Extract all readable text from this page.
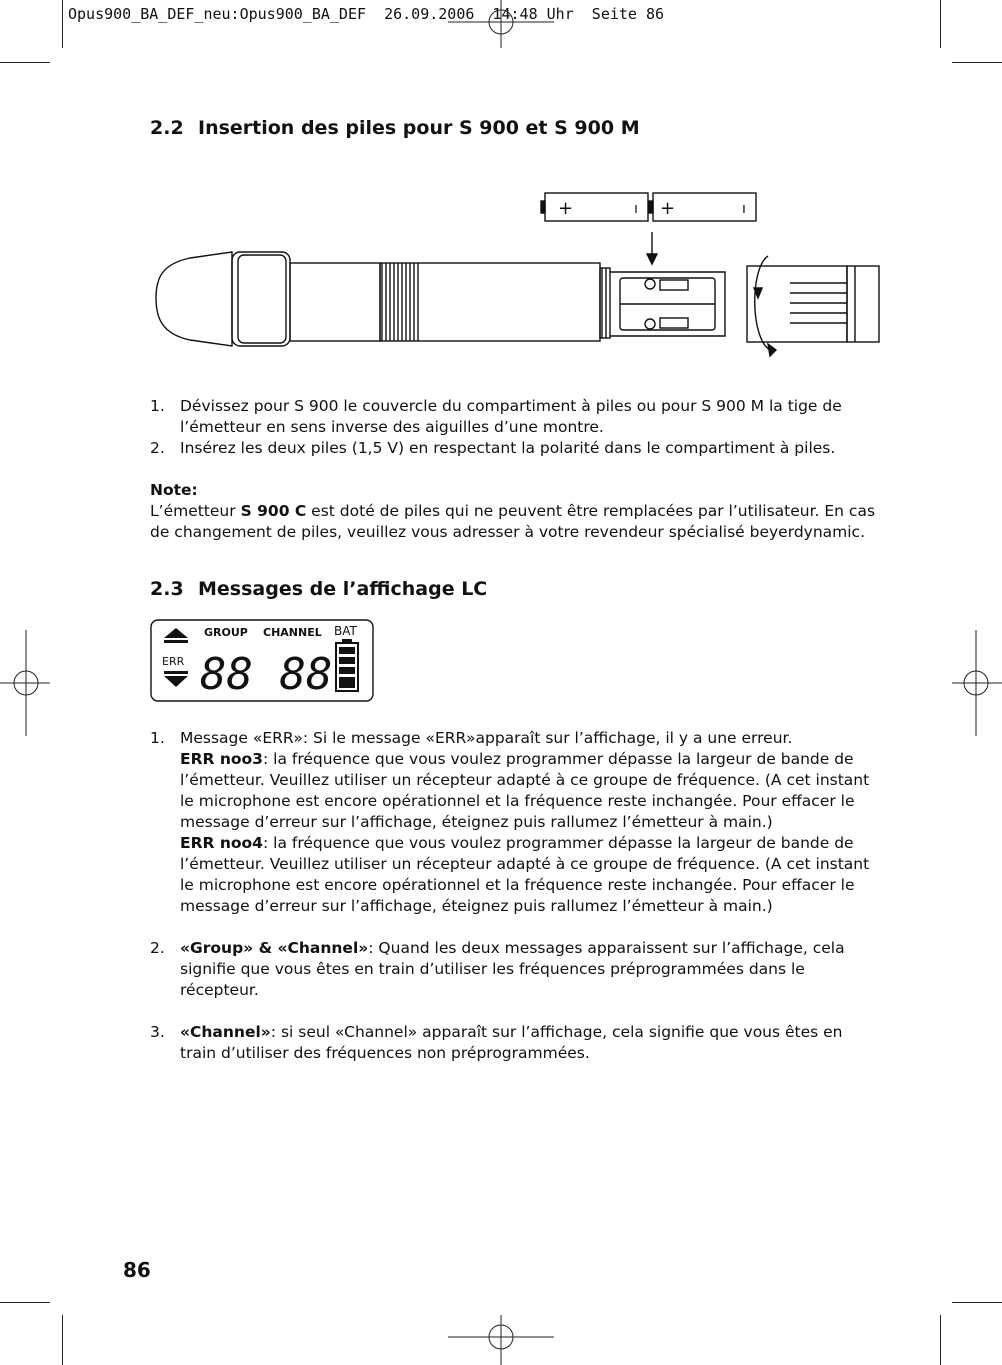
Opus900_BA_DEF_neu:Opus900_BA_DEF  26.09.2006  14:48 Uhr  Seite 86
2.2 Insertion des piles pour S 900 et S 900 M
+	ı +	ı
1. Dévissez pour S 900 le couvercle du compartiment à piles ou pour S 900 M la tige de l’émetteur en sens inverse des aiguilles d’une montre.
2. Insérez les deux piles (1,5 V) en respectant la polarité dans le compartiment à piles.
Note:
L’émetteur S 900 C est doté de piles qui ne peuvent être remplacées par l’utilisateur. En cas de changement de piles, veuillez vous adresser à votre revendeur spécialisé beyerdynamic.
2.3 Messages de l’affichage LC
GROUP CHANNEL BAT
ERR 88 88
1. Message «ERR»: Si le message «ERR»apparaît sur l’affichage, il y a une erreur.
ERR noo3: la fréquence que vous voulez programmer dépasse la largeur de bande de l’émetteur. Veuillez utiliser un récepteur adapté à ce groupe de fréquence. (A cet instant le microphone est encore opérationnel et la fréquence reste inchangée. Pour effacer le message d’erreur sur l’affichage, éteignez puis rallumez l’émetteur à main.)
ERR noo4: la fréquence que vous voulez programmer dépasse la largeur de bande de l’émetteur. Veuillez utiliser un récepteur adapté à ce groupe de fréquence. (A cet instant le microphone est encore opérationnel et la fréquence reste inchangée. Pour effacer le message d’erreur sur l’affichage, éteignez puis rallumez l’émetteur à main.)
2. «Group» & «Channel»: Quand les deux messages apparaissent sur l’affichage, cela signifie que vous êtes en train d’utiliser les fréquences préprogrammées dans le récepteur.
3. «Channel»: si seul «Channel» apparaît sur l’affichage, cela signifie que vous êtes en train d’utiliser des fréquences non préprogrammées.
86
